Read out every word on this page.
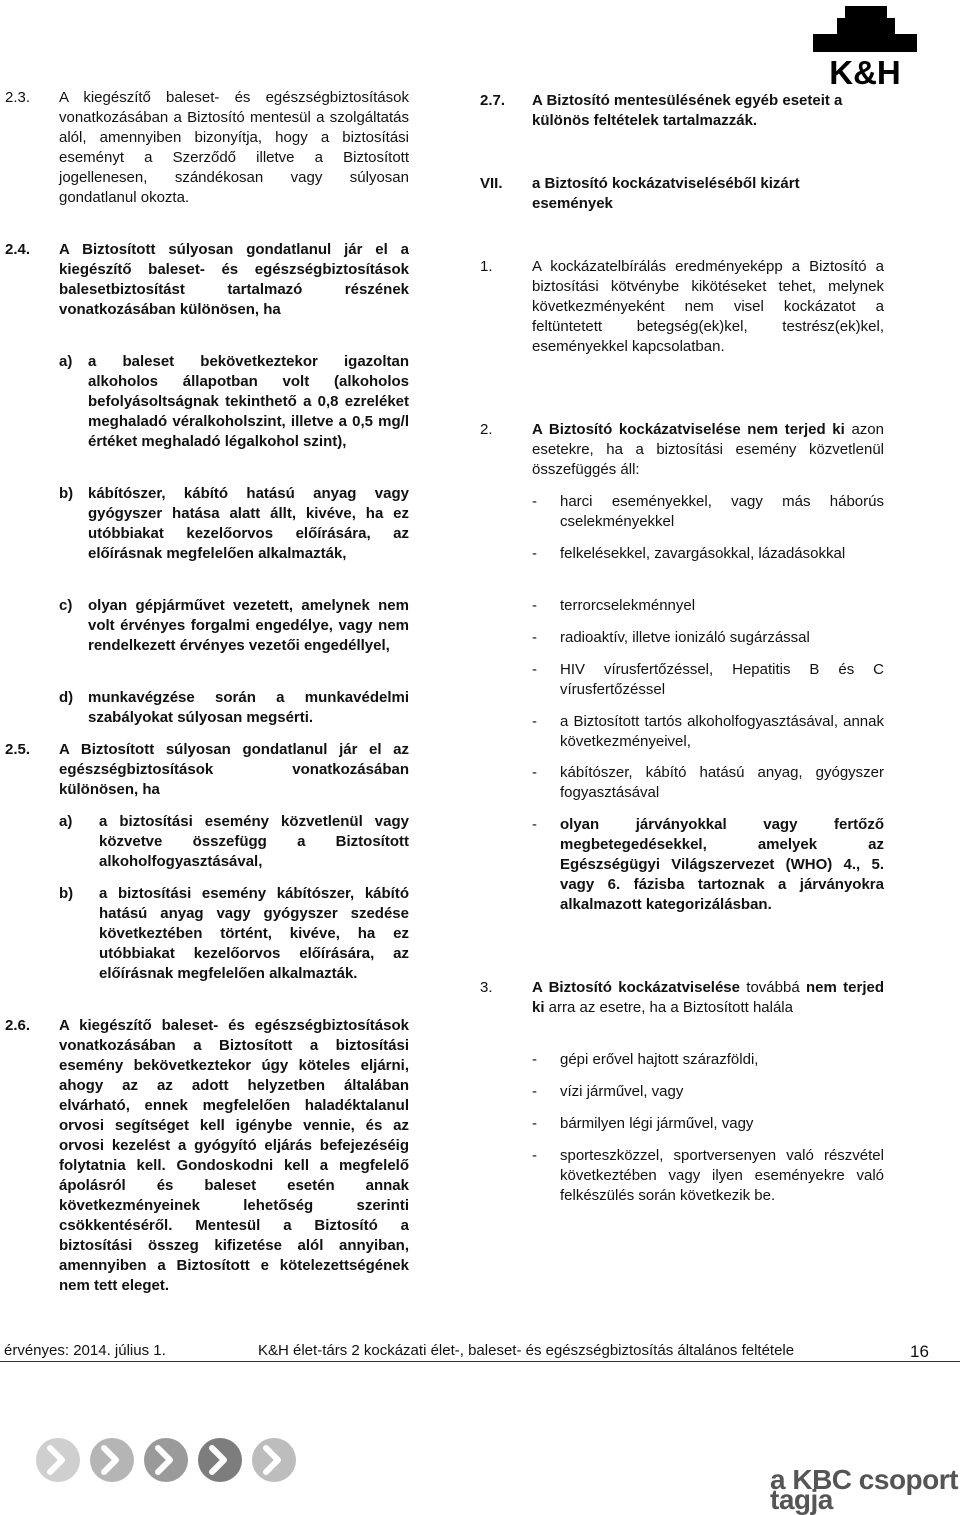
K&H
2.3. A kiegészítő baleset- és egészségbiztosítások vonatkozásában a Biztosító mentesül a szolgáltatás alól, amennyiben bizonyítja, hogy a biztosítási eseményt a Szerződő illetve a Biztosított jogellenesen, szándékosan vagy súlyosan gondatlanul okozta.
2.4. A Biztosított súlyosan gondatlanul jár el a kiegészítő baleset- és egészségbiztosítások balesetbiztosítást tartalmazó részének vonatkozásában különösen, ha
a) a baleset bekövetkeztekor igazoltan alkoholos állapotban volt (alkoholos befolyásoltságnak tekinthető a 0,8 ezreléket meghaladó véralkoholszint, illetve a 0,5 mg/l értéket meghaladó légalkohol szint),
b) kábítószer, kábító hatású anyag vagy gyógyszer hatása alatt állt, kivéve, ha ez utóbbiakat kezelőorvos előírására, az előírásnak megfelelően alkalmazták,
c) olyan gépjárművet vezetett, amelynek nem volt érvényes forgalmi engedélye, vagy nem rendelkezett érvényes vezetői engedéllyel,
d) munkavégzése során a munkavédelmi szabályokat súlyosan megsérti.
2.5. A Biztosított súlyosan gondatlanul jár el az egészségbiztosítások vonatkozásában különösen, ha
a) a biztosítási esemény közvetlenül vagy közvetve összefügg a Biztosított alkoholfogyasztásával,
b) a biztosítási esemény kábítószer, kábító hatású anyag vagy gyógyszer szedése következtében történt, kivéve, ha ez utóbbiakat kezelőorvos előírására, az előírásnak megfelelően alkalmazták.
2.6. A kiegészítő baleset- és egészségbiztosítások vonatkozásában a Biztosított a biztosítási esemény bekövetkeztekor úgy köteles eljárni, ahogy az az adott helyzetben általában elvárható, ennek megfelelően haladéktalanul orvosi segítséget kell igénybe vennie, és az orvosi kezelést a gyógyító eljárás befejezéséig folytatnia kell. Gondoskodni kell a megfelelő ápolásról és baleset esetén annak következményeinek lehetőség szerinti csökkentéséről. Mentesül a Biztosító a biztosítási összeg kifizetése alól annyiban, amennyiben a Biztosított e kötelezettségének nem tett eleget.
2.7. A Biztosító mentesülésének egyéb eseteit a különös feltételek tartalmazzák.
VII. a Biztosító kockázatviseléséből kizárt események
1.	A kockázatelbírálás eredményeképp a Biztosító a biztosítási kötvénybe kikötéseket tehet, melynek következményeként nem visel kockázatot a feltüntetett betegség(ek)kel, testrész(ek)kel, eseményekkel kapcsolatban.
2.	A Biztosító kockázatviselése nem terjed ki azon esetekre, ha a biztosítási esemény közvetlenül összefüggés áll:
- harci eseményekkel, vagy más háborús cselekményekkel
- felkelésekkel, zavargásokkal, lázadásokkal
- terrorcselekménnyel
- radioaktív, illetve ionizáló sugárzással
- HIV vírusfertőzéssel, Hepatitis B és C vírusfertőzéssel
- a Biztosított tartós alkoholfogyasztásával, annak következményeivel,
- kábítószer, kábító hatású anyag, gyógyszer fogyasztásával
- olyan járványokkal vagy fertőző megbetegedésekkel, amelyek az Egészségügyi Világszervezet (WHO) 4., 5. vagy 6. fázisba tartoznak a járványokra alkalmazott kategorizálásban.
3.	A Biztosító kockázatviselése továbbá nem terjed ki arra az esetre, ha a Biztosított halála
- gépi erővel hajtott szárazföldi,
- vízi járművel, vagy
- bármilyen légi járművel, vagy
- sporteszközzel, sportversenyen való részvétel következtében vagy ilyen eseményekre való felkészülés során következik be.
érvényes: 2014. július 1.	K&H élet-társ 2 kockázati élet-, baleset- és egészségbiztosítás általános feltétele	16
a KBC csoport tagja
